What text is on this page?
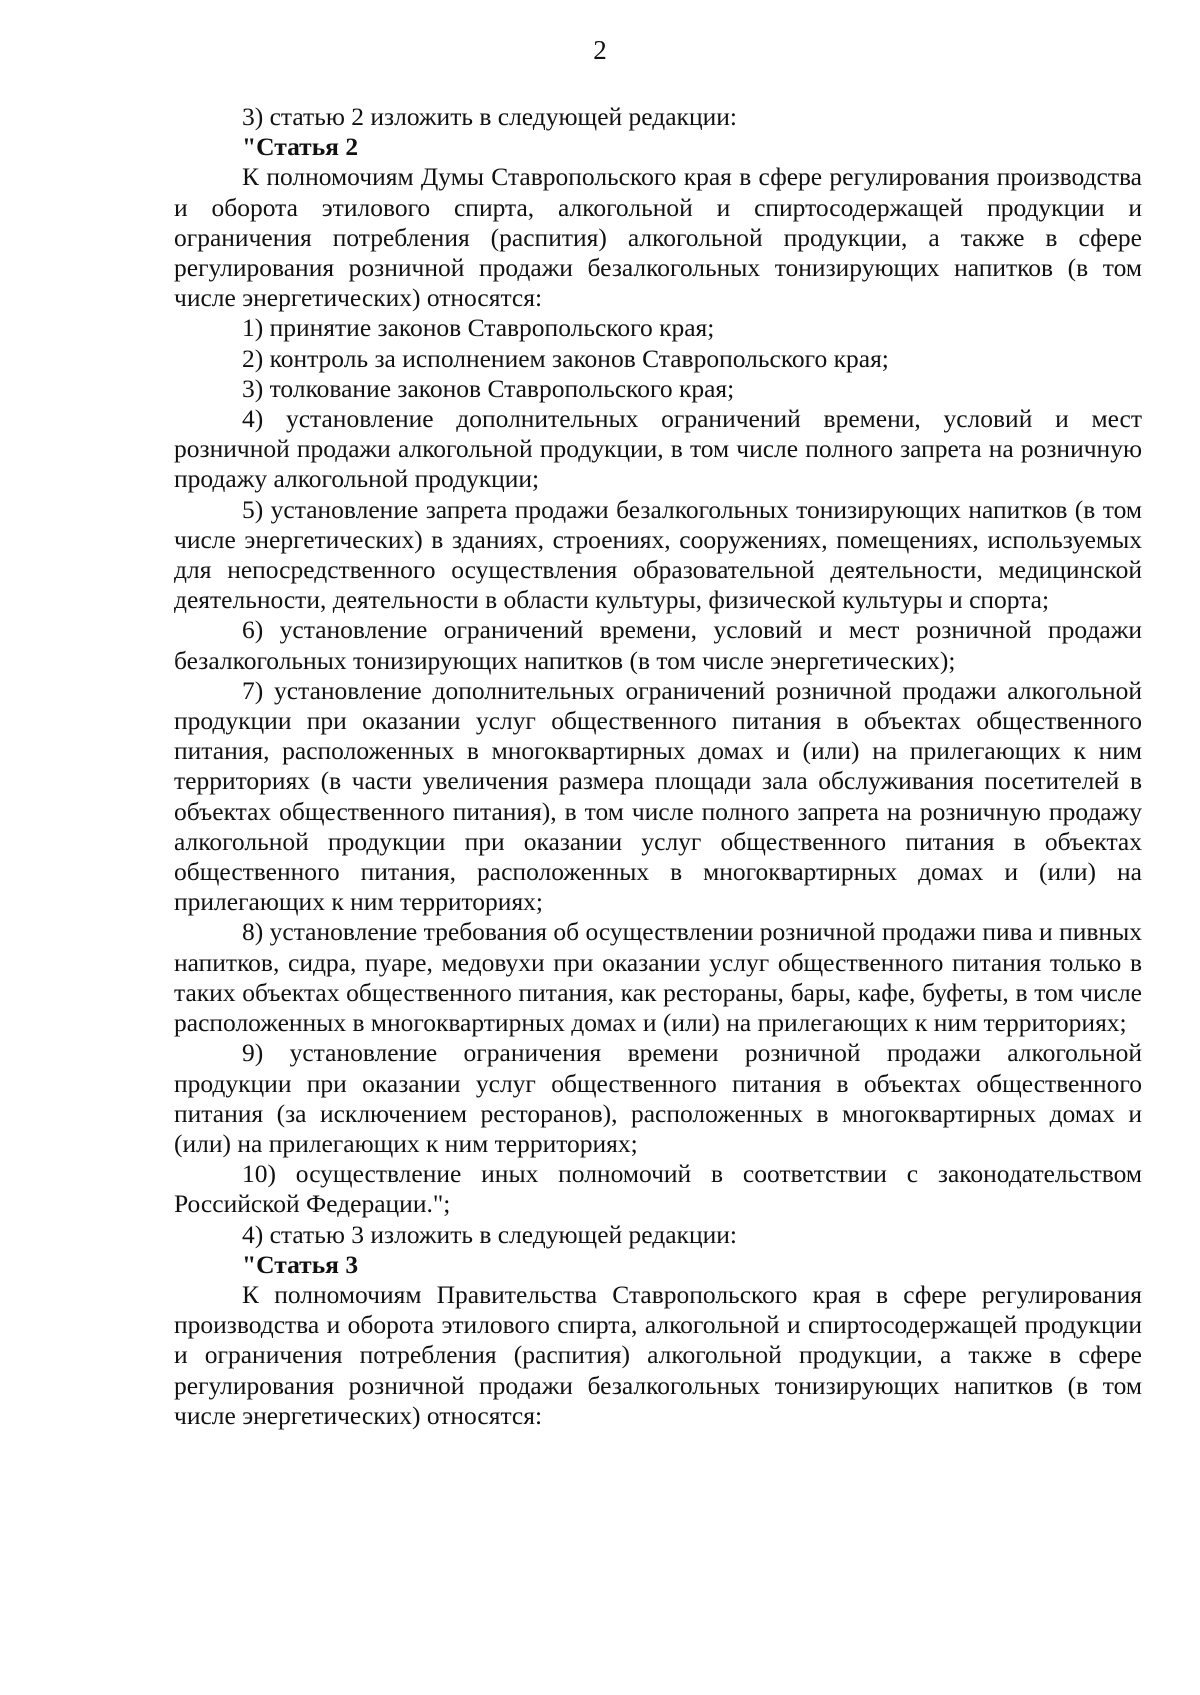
2

3) статью 2 изложить в следующей редакции:

"Статья 2

К полномочиям Думы Ставропольского края в сфере регулирования производства и оборота этилового спирта, алкогольной и спиртосодержащей продукции и ограничения потребления (распития) алкогольной продукции, а также в сфере регулирования розничной продажи безалкогольных тонизирующих напитков (в том числе энергетических) относятся:

1) принятие законов Ставропольского края;

2) контроль за исполнением законов Ставропольского края;

3) толкование законов Ставропольского края;

4) установление дополнительных ограничений времени, условий и мест розничной продажи алкогольной продукции, в том числе полного запрета на розничную продажу алкогольной продукции;

5) установление запрета продажи безалкогольных тонизирующих напитков (в том числе энергетических) в зданиях, строениях, сооружениях, помещениях, используемых для непосредственного осуществления образовательной деятельности, медицинской деятельности, деятельности в области культуры, физической культуры и спорта;

6) установление ограничений времени, условий и мест розничной продажи безалкогольных тонизирующих напитков (в том числе энергетических);

7) установление дополнительных ограничений розничной продажи алкогольной продукции при оказании услуг общественного питания в объектах общественного питания, расположенных в многоквартирных домах и (или) на прилегающих к ним территориях (в части увеличения размера площади зала обслуживания посетителей в объектах общественного питания), в том числе полного запрета на розничную продажу алкогольной продукции при оказании услуг общественного питания в объектах общественного питания, расположенных в многоквартирных домах и (или) на прилегающих к ним территориях;

8) установление требования об осуществлении розничной продажи пива и пивных напитков, сидра, пуаре, медовухи при оказании услуг общественного питания только в таких объектах общественного питания, как рестораны, бары, кафе, буфеты, в том числе расположенных в многоквартирных домах и (или) на прилегающих к ним территориях;

9) установление ограничения времени розничной продажи алкогольной продукции при оказании услуг общественного питания в объектах общественного питания (за исключением ресторанов), расположенных в многоквартирных домах и (или) на прилегающих к ним территориях;

10) осуществление иных полномочий в соответствии с законодательством Российской Федерации.";

4) статью 3 изложить в следующей редакции:

"Статья 3

К полномочиям Правительства Ставропольского края в сфере регулирования производства и оборота этилового спирта, алкогольной и спиртосодержащей продукции и ограничения потребления (распития) алкогольной продукции, а также в сфере регулирования розничной продажи безалкогольных тонизирующих напитков (в том числе энергетических) относятся:
